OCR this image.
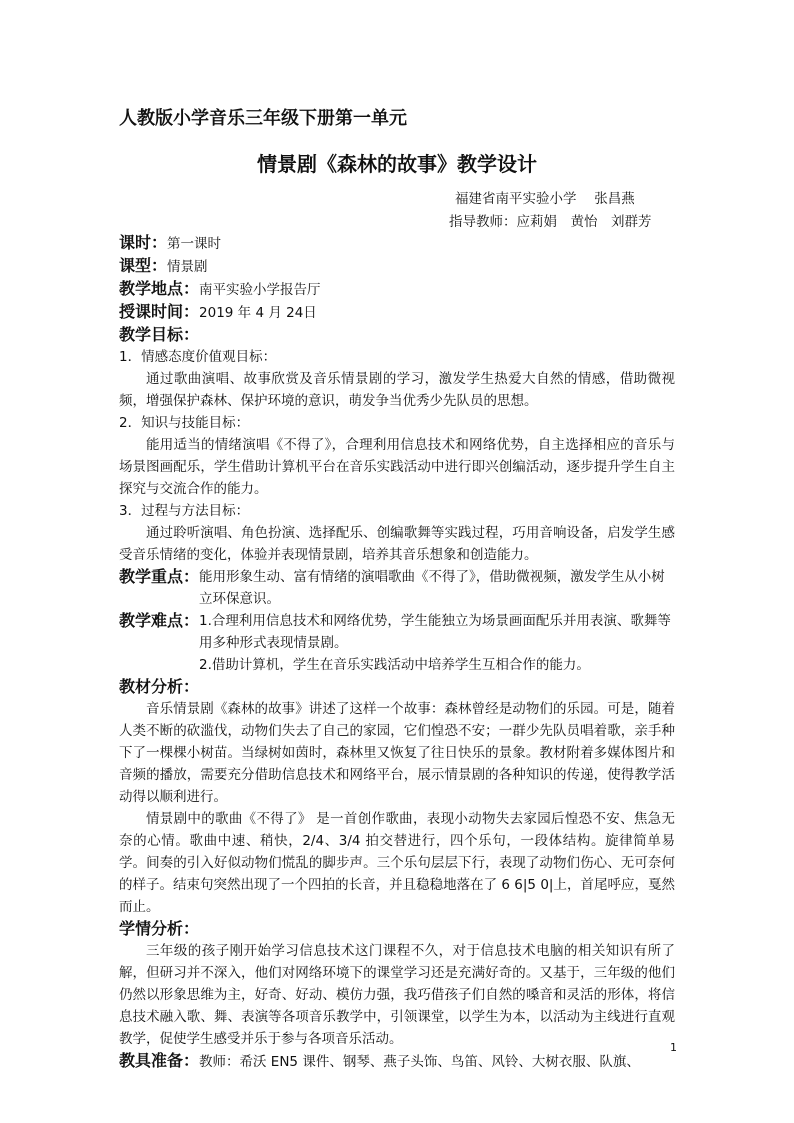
人教版小学音乐三年级下册第一单元
情景剧《森林的故事》教学设计
福建省南平实验小学　 张昌燕
指导教师：应莉娟　黄怡　刘群芳
课时：第一课时
课型：情景剧
教学地点：南平实验小学报告厅
授课时间：2019 年 4 月 24日
教学目标：
1．情感态度价值观目标：

通过歌曲演唱、故事欣赏及音乐情景剧的学习，激发学生热爱大自然的情感，借助微视频，增强保护森林、保护环境的意识，萌发争当优秀少先队员的思想。

2．知识与技能目标：

能用适当的情绪演唱《不得了》，合理利用信息技术和网络优势，自主选择相应的音乐与场景图画配乐，学生借助计算机平台在音乐实践活动中进行即兴创编活动，逐步提升学生自主探究与交流合作的能力。

3．过程与方法目标：

通过聆听演唱、角色扮演、选择配乐、创编歌舞等实践过程，巧用音响设备，启发学生感受音乐情绪的变化，体验并表现情景剧，培养其音乐想象和创造能力。

教学重点： 能用形象生动、富有情绪的演唱歌曲《不得了》，借助微视频，激发学生从小树立环保意识。
教学难点： 1.合理利用信息技术和网络优势，学生能独立为场景画面配乐并用表演、歌舞等用多种形式表现情景剧。
2.借助计算机，学生在音乐实践活动中培养学生互相合作的能力。
教材分析：

音乐情景剧《森林的故事》讲述了这样一个故事：森林曾经是动物们的乐园。可是，随着人类不断的砍滥伐，动物们失去了自己的家园，它们惶恐不安；一群少先队员唱着歌，亲手种下了一棵棵小树苗。当绿树如茵时，森林里又恢复了往日快乐的景象。教材附着多媒体图片和音频的播放，需要充分借助信息技术和网络平台，展示情景剧的各种知识的传递，使得教学活动得以顺利进行。

情景剧中的歌曲《不得了》 是一首创作歌曲，表现小动物失去家园后惶恐不安、焦急无奈的心情。歌曲中速、稍快，2/4、3/4 拍交替进行，四个乐句，一段体结构。旋律简单易学。间奏的引入好似动物们慌乱的脚步声。三个乐句层层下行，表现了动物们伤心、无可奈何的样子。结束句突然出现了一个四拍的长音，并且稳稳地落在了 6 6|5 0|上，首尾呼应，戛然而止。

学情分析：

三年级的孩子刚开始学习信息技术这门课程不久，对于信息技术电脑的相关知识有所了解，但研习并不深入，他们对网络环境下的课堂学习还是充满好奇的。又基于，三年级的他们仍然以形象思维为主，好奇、好动、模仿力强，我巧借孩子们自然的嗓音和灵活的形体，将信息技术融入歌、舞、表演等各项音乐教学中，引领课堂，以学生为本，以活动为主线进行直观教学，促使学生感受并乐于参与各项音乐活动。

教具准备：教师：希沃 EN5 课件、钢琴、燕子头饰、鸟笛、风铃、大树衣服、队旗、
1
